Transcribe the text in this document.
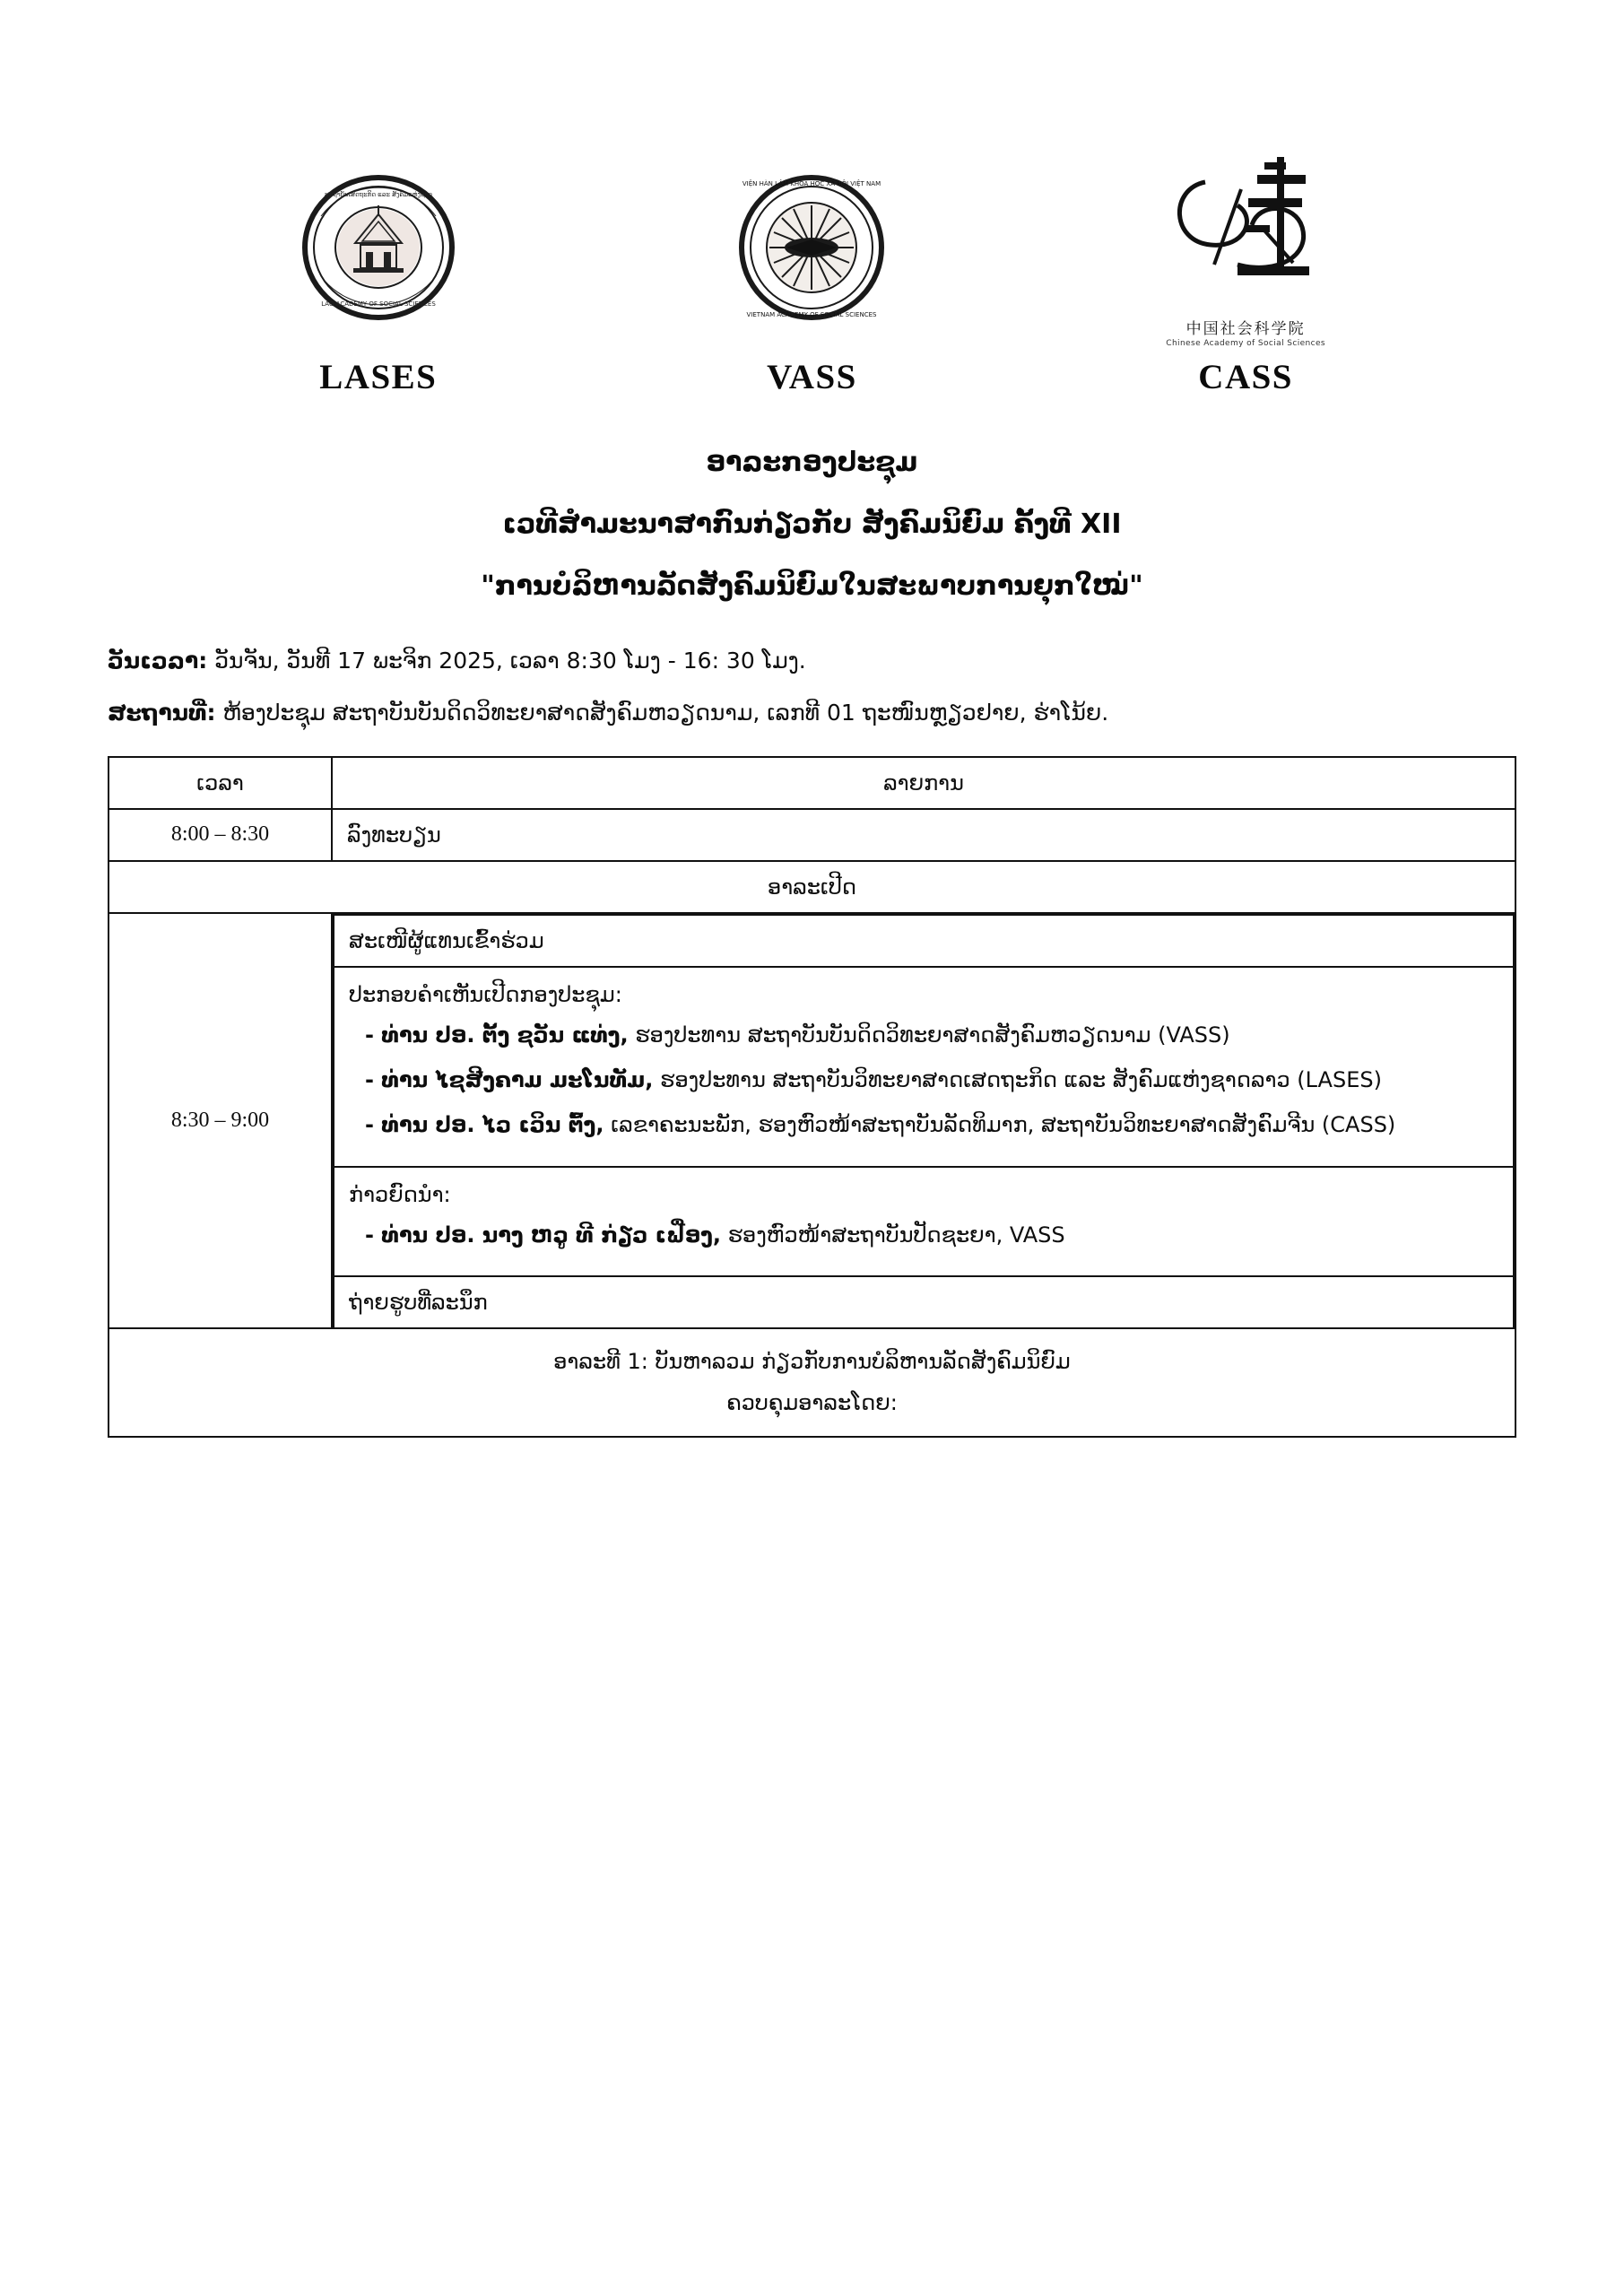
ສະຖາບັນເສດຖະກິດ ແລະ ສັງຄົມແຫ່ງຊາດ
LAO ACADEMY OF SOCIAL SCIENCES
LASES
VIỆN HÀN LÂM KHOA HỌC XÃ HỘI VIỆT NAM
VIETNAM ACADEMY OF SOCIAL SCIENCES
VASS
中国社会科学院
Chinese Academy of Social Sciences
CASS
ອາລະກອງປະຊຸມ
ເວທີສໍາມະນາສາກົນກ່ຽວກັບ ສັງຄົມນິຍົມ ຄັ້ງທີ XII
"ການບໍລິຫານລັດສັງຄົມນິຍົມໃນສະພາບການຍຸກໃໝ່"
ວັນເວລາ: ວັນຈັນ, ວັນທີ 17 ພະຈິກ 2025, ເວລາ 8:30 ໂມງ - 16: 30 ໂມງ.
ສະຖານທີ່: ຫ້ອງປະຊຸມ ສະຖາບັນບັນດິດວິທະຍາສາດສັງຄົມຫວຽດນາມ, ເລກທີ 01 ຖະໜົນຫຼຽວຢາຍ, ຮ່າໂນ້ຍ.
ເວລາ	ລາຍການ
8:00 – 8:30	ລົງທະບຽນ
ອາລະເປີດ
8:30 – 9:00	
ສະເໜີຜູ້ແທນເຂົ້າຮ່ວມ

ປະກອບຄຳເຫັນເປີດກອງປະຊຸມ:
- ທ່ານ ປອ. ຕັ້ງ ຊວັນ ແທ່ງ, ຮອງປະທານ ສະຖາບັນບັນດິດວິທະຍາສາດສັງຄົມຫວຽດນາມ (VASS)
- ທ່ານ ໄຊສີງຄາມ ມະໂນທັມ, ຮອງປະທານ ສະຖາບັນວິທະຍາສາດເສດຖະກິດ ແລະ ສັງຄົມແຫ່ງຊາດລາວ (LASES)
- ທ່ານ ປອ. ໄວ ເວິນ ຕົ້ງ, ເລຂາຄະນະພັກ, ຮອງຫົວໜ້າສະຖາບັນລັດທິມາກ, ສະຖາບັນວິທະຍາສາດສັງຄົມຈີນ (CASS)

ກ່າວຍົດນຳ:
- ທ່ານ ປອ. ນາງ ຫວູ ທີ ກ່ຽວ ເຟື່ອງ, ຮອງຫົວໜ້າສະຖາບັນປັດຊະຍາ, VASS

ຖ່າຍຮູບທີ່ລະນຶກ

ອາລະທີ 1: ບັນຫາລວມ ກ່ຽວກັບການບໍລິຫານລັດສັງຄົມນິຍົມ
ຄວບຄຸມອາລະໂດຍ:
